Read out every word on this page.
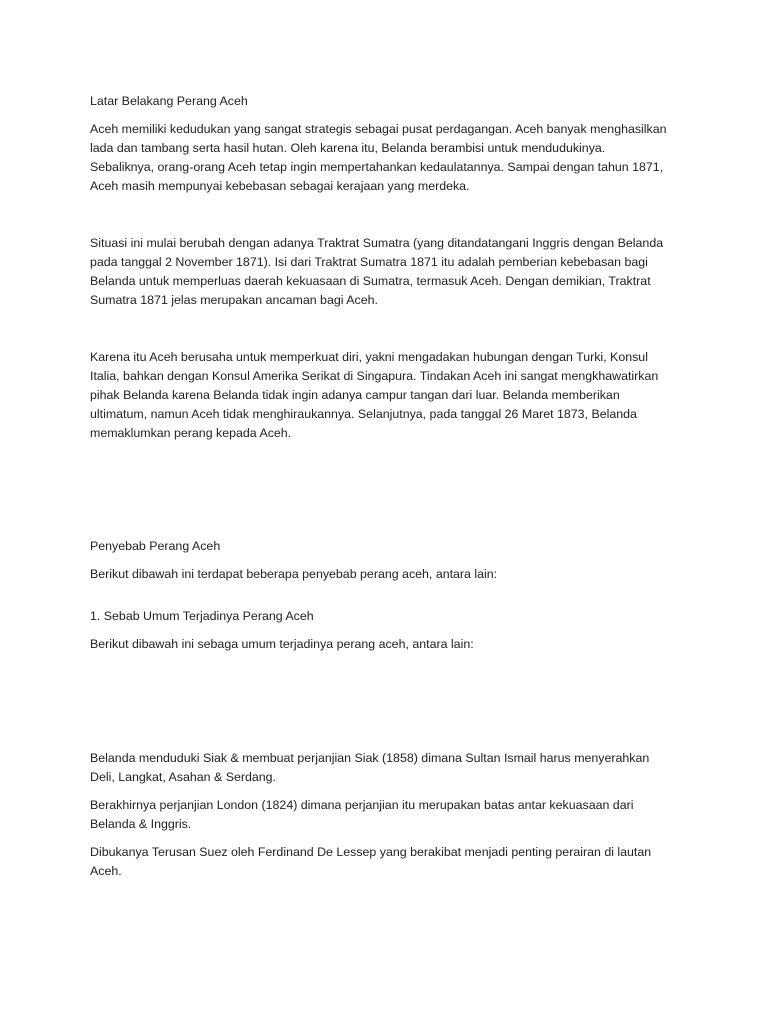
Latar Belakang Perang Aceh

Aceh memiliki kedudukan yang sangat strategis sebagai pusat perdagangan. Aceh banyak menghasilkan
lada dan tambang serta hasil hutan. Oleh karena itu, Belanda berambisi untuk mendudukinya.
Sebaliknya, orang-orang Aceh tetap ingin mempertahankan kedaulatannya. Sampai dengan tahun 1871,
Aceh masih mempunyai kebebasan sebagai kerajaan yang merdeka.

Situasi ini mulai berubah dengan adanya Traktrat Sumatra (yang ditandatangani Inggris dengan Belanda
pada tanggal 2 November 1871). Isi dari Traktrat Sumatra 1871 itu adalah pemberian kebebasan bagi
Belanda untuk memperluas daerah kekuasaan di Sumatra, termasuk Aceh. Dengan demikian, Traktrat
Sumatra 1871 jelas merupakan ancaman bagi Aceh.

Karena itu Aceh berusaha untuk memperkuat diri, yakni mengadakan hubungan dengan Turki, Konsul
Italia, bahkan dengan Konsul Amerika Serikat di Singapura. Tindakan Aceh ini sangat mengkhawatirkan
pihak Belanda karena Belanda tidak ingin adanya campur tangan dari luar. Belanda memberikan
ultimatum, namun Aceh tidak menghiraukannya. Selanjutnya, pada tanggal 26 Maret 1873, Belanda
memaklumkan perang kepada Aceh.

Penyebab Perang Aceh

Berikut dibawah ini terdapat beberapa penyebab perang aceh, antara lain:

1. Sebab Umum Terjadinya Perang Aceh

Berikut dibawah ini sebaga umum terjadinya perang aceh, antara lain:

Belanda menduduki Siak & membuat perjanjian Siak (1858) dimana Sultan Ismail harus menyerahkan
Deli, Langkat, Asahan & Serdang.

Berakhirnya perjanjian London (1824) dimana perjanjian itu merupakan batas antar kekuasaan dari
Belanda & Inggris.

Dibukanya Terusan Suez oleh Ferdinand De Lessep yang berakibat menjadi penting perairan di lautan
Aceh.
